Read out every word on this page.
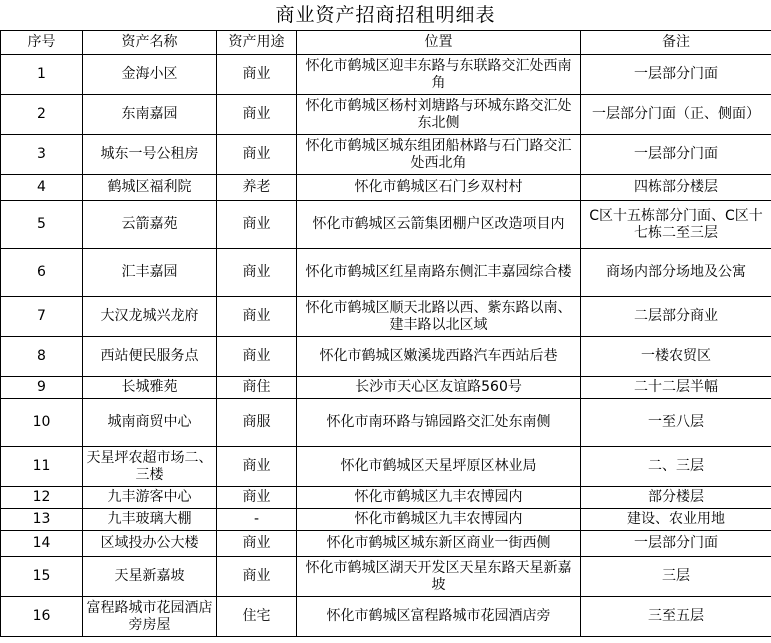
商业资产招商招租明细表
序号	资产名称	资产用途	位置	备注
1	金海小区	商业	怀化市鹤城区迎丰东路与东联路交汇处西南角	一层部分门面
2	东南嘉园	商业	怀化市鹤城区杨村刘塘路与环城东路交汇处东北侧	一层部分门面（正、侧面）
3	城东一号公租房	商业	怀化市鹤城区城东组团船林路与石门路交汇处西北角	一层部分门面
4	鹤城区福利院	养老	怀化市鹤城区石门乡双村村	四栋部分楼层
5	云箭嘉苑	商业	怀化市鹤城区云箭集团棚户区改造项目内	C区十五栋部分门面、C区十七栋二至三层
6	汇丰嘉园	商业	怀化市鹤城区红星南路东侧汇丰嘉园综合楼	商场内部分场地及公寓
7	大汉龙城兴龙府	商业	怀化市鹤城区顺天北路以西、紫东路以南、建丰路以北区域	二层部分商业
8	西站便民服务点	商业	怀化市鹤城区嫩溪垅西路汽车西站后巷	一楼农贸区
9	长城雅苑	商住	长沙市天心区友谊路560号	二十二层半幅
10	城南商贸中心	商服	怀化市南环路与锦园路交汇处东南侧	一至八层
11	天星坪农超市场二、三楼	商业	怀化市鹤城区天星坪原区林业局	二、三层
12	九丰游客中心	商业	怀化市鹤城区九丰农博园内	部分楼层
13	九丰玻璃大棚	-	怀化市鹤城区九丰农博园内	建设、农业用地
14	区域投办公大楼	商业	怀化市鹤城区城东新区商业一街西侧	一层部分门面
15	天星新嘉坡	商业	怀化市鹤城区湖天开发区天星东路天星新嘉坡	三层
16	富程路城市花园酒店旁房屋	住宅	怀化市鹤城区富程路城市花园酒店旁	三至五层
